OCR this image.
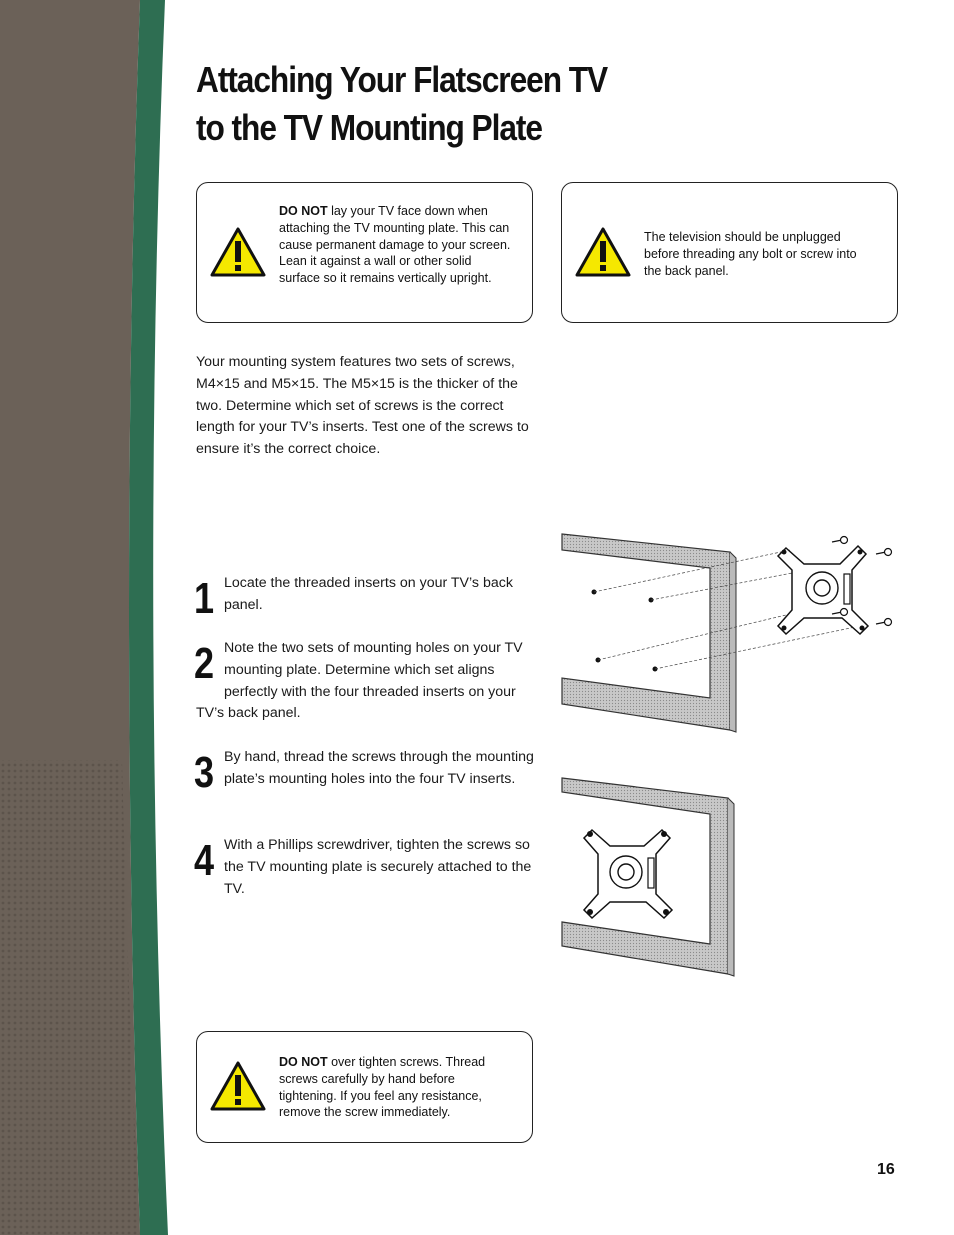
Attaching Your Flatscreen TV
to the TV Mounting Plate
DO NOT lay your TV face down when attaching the TV mounting plate. This can cause permanent damage to your screen. Lean it against a wall or other solid surface so it remains vertically upright.
The television should be unplugged before threading any bolt or screw into the back panel.
Your mounting system features two sets of screws, M4×15 and M5×15. The M5×15 is the thicker of the two. Determine which set of screws is the correct length for your TV’s inserts. Test one of the screws to ensure it’s the correct choice.
1 Locate the threaded inserts on your TV’s back panel.
2 Note the two sets of mounting holes on your TV mounting plate. Determine which set aligns perfectly with the four threaded inserts on your TV’s back panel.
3 By hand, thread the screws through the mounting plate’s mounting holes into the four TV inserts.
4 With a Phillips screwdriver, tighten the screws so the TV mounting plate is securely attached to the TV.
DO NOT over tighten screws. Thread screws carefully by hand before tightening. If you feel any resistance, remove the screw immediately.
16
